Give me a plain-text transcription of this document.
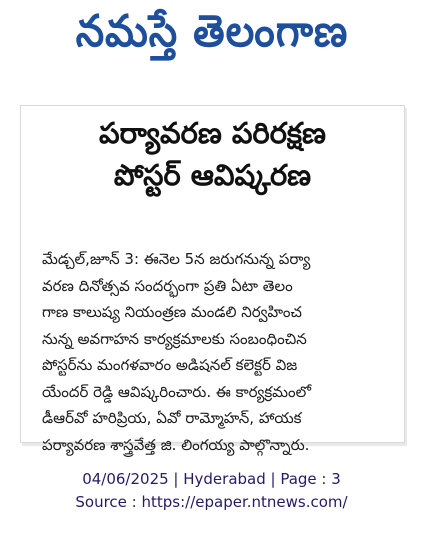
నమస్తే తెలంగాణ
పర్యావరణ పరిరక్షణ
పోస్టర్ ఆవిష్కరణ
మేడ్చల్,జూన్ 3: ఈనెల 5న జరుగనున్న పర్యా
వరణ దినోత్సవ సందర్భంగా ప్రతి ఏటా తెలం
గాణ కాలుష్య నియంత్రణ మండలి నిర్వహించ
నున్న అవగాహన కార్యక్రమాలకు సంబంధించిన
పోస్టర్‌ను మంగళవారం అడిషనల్ కలెక్టర్ విజ
యేందర్ రెడ్డి ఆవిష్కరించారు. ఈ కార్యక్రమంలో
డీఆర్‌వో హరిప్రియ, ఏవో రామ్మోహన్, హాయక
పర్యావరణ శాస్త్రవేత్త జి. లింగయ్య పాల్గొన్నారు.
04/06/2025 | Hyderabad | Page : 3
Source : https://epaper.ntnews.com/
